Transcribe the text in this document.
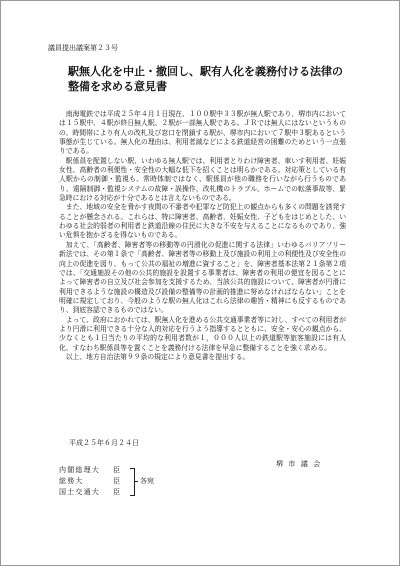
議員提出議案第２３号
駅無人化を中止・撤回し、駅有人化を義務付ける法律の
整備を求める意見書

南海電鉄では平成２５年４月１日現在、１００駅中３３駅が無人駅であり、堺市内においては１５駅中、４駅が終日無人駅、２駅が一部無人駅である。ＪＲでは無人にはないというものの、時間帯により有人の改札及び窓口を閉鎖する駅が、堺市内において７駅中３駅あるという事態が生じている。無人化の理由は、利用者減などによる鉄道経営の困難のためという一点張りである。

駅係員を配置しない駅、いわゆる無人駅では、利用者とりわけ障害者、車いす利用者、妊娠女性、高齢者の利便性・安全性の大幅な低下を招くことは明らかである。対応策としている有人駅からの制御・監視も、常時体制ではなく、駅係員が他の職務を行いながら行うものであり、遠隔制御・監視システムの故障・誤操作、改札機のトラブル、ホームでの転落事故等、緊急時における対応が十分であるとは言えないものである。

また、地域の安全を脅かす夜間の不審者や犯罪など防犯上の観点からも多くの問題を誘発することが懸念される。これらは、特に障害者、高齢者、妊娠女性、子どもをはじめとした、いわゆる社会的弱者の利用者と鉄道沿線の住民に大きな不安を与えることになるものであり、強い危惧を抱かざるを得ないものである。

加えて、「高齢者、障害者等の移動等の円滑化の促進に関する法律」いわゆるバリアフリー新法では、その第１条で「高齢者、障害者等の移動上及び施設の利用上の利便性及び安全性の向上の促進を図り、もって公共の福祉の増進に資すること」を、障害者基本法第２１条第２項では、「交通施設その他の公共的施設を設置する事業者は、障害者の利用の便宜を図ることによって障害者の自立及び社会参加を支援するため、当該公共的施設について、障害者が円滑に利用できるような施設の構造及び設備の整備等の計画的推進に努めなければならない」ことを明確に規定しており、今般のような駅の無人化はこれら法律の趣旨・精神にも反するものであり、到底容認できるものではない。

よって、政府におかれては、駅無人化を進める公共交通事業者等に対し、すべての利用者がより円滑に利用できる十分な人的対応を行うよう指導するとともに、安全・安心の観点から、少なくとも１日当たりの平均的な利用者数が１，０００人以上の鉄道駅等旅客施設には有人化、すなわち駅係員等を置くことを義務付ける法律を早急に整備することを強く求める。

以上、地方自治法第９９条の規定により意見書を提出する。

平成２５年６月２４日
堺 市 議 会
内閣総理大 臣
総務大	臣
国土交通大 臣
各宛
